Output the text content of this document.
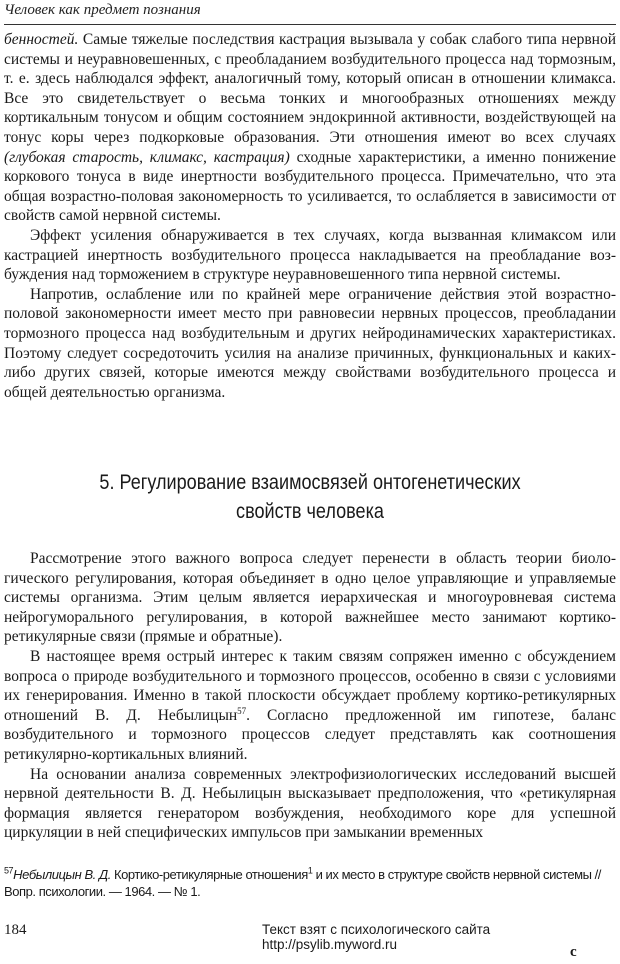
Человек как предмет познания

бенностей. Самые тяжелые последствия кастрация вызывала у собак слабого типа нервной системы и неуравновешенных, с преобладанием возбудительного процесса над тормозным, т. е. здесь наблюдался эффект, аналогичный тому, который описан в отношении климакса. Все это свидетельствует о весьма тонких и многообразных отношениях между кортикальным тонусом и общим состоянием эндокринной активности, воздействующей на тонус коры через подкорковые образования. Эти отношения имеют во всех случаях (глубокая старость, климакс, кастрация) сходные характеристики, а именно понижение коркового тонуса в виде инертности возбудительного процесса. Примечательно, что эта общая возрастно-половая закономерность то усиливается, то ослабляется в зависимости от свойств самой нервной системы.

Эффект усиления обнаруживается в тех случаях, когда вызванная климаксом или кастрацией инертность возбудительного процесса накладывается на преобладание возбуждения над торможением в структуре неуравновешенного типа нервной системы.

Напротив, ослабление или по крайней мере ограничение действия этой возрастно-половой закономерности имеет место при равновесии нервных процессов, преобладании тормозного процесса над возбудительным и других нейродинамических характеристиках. Поэтому следует сосредоточить усилия на анализе причинных, функциональных и каких-либо других связей, которые имеются между свойствами возбудительного процесса и общей деятельностью организма.

5. Регулирование взаимосвязей онтогенетических
свойств человека

Рассмотрение этого важного вопроса следует перенести в область теории биологического регулирования, которая объединяет в одно целое управляющие и управляемые системы организма. Этим целым является иерархическая и многоуровневая система нейрогуморального регулирования, в которой важнейшее место занимают кортико-ретикулярные связи (прямые и обратные).

В настоящее время острый интерес к таким связям сопряжен именно с обсуждением вопроса о природе возбудительного и тормозного процессов, особенно в связи с условиями их генерирования. Именно в такой плоскости обсуждает проблему кортико-ретикулярных отношений В. Д. Небылицын$^{57}$. Согласно предложенной им гипотезе, баланс возбудительного и тормозного процессов следует представлять как соотношения ретикулярно-кортикальных влияний.

На основании анализа современных электрофизиологических исследований высшей нервной деятельности В. Д. Небылицын высказывает предположения, что «ретикулярная формация является генератором возбуждения, необходимого коре для успешной циркуляции в ней специфических импульсов при замыкании временных

$^{57}$Небылицын В. Д. Кортико-ретикулярные отношения$^1$ и их место в структуре свойств нервной системы // Вопр. психологии. — 1964. — № 1.
184	Текст взят с психологического сайта http://psylib.myword.ru	c
